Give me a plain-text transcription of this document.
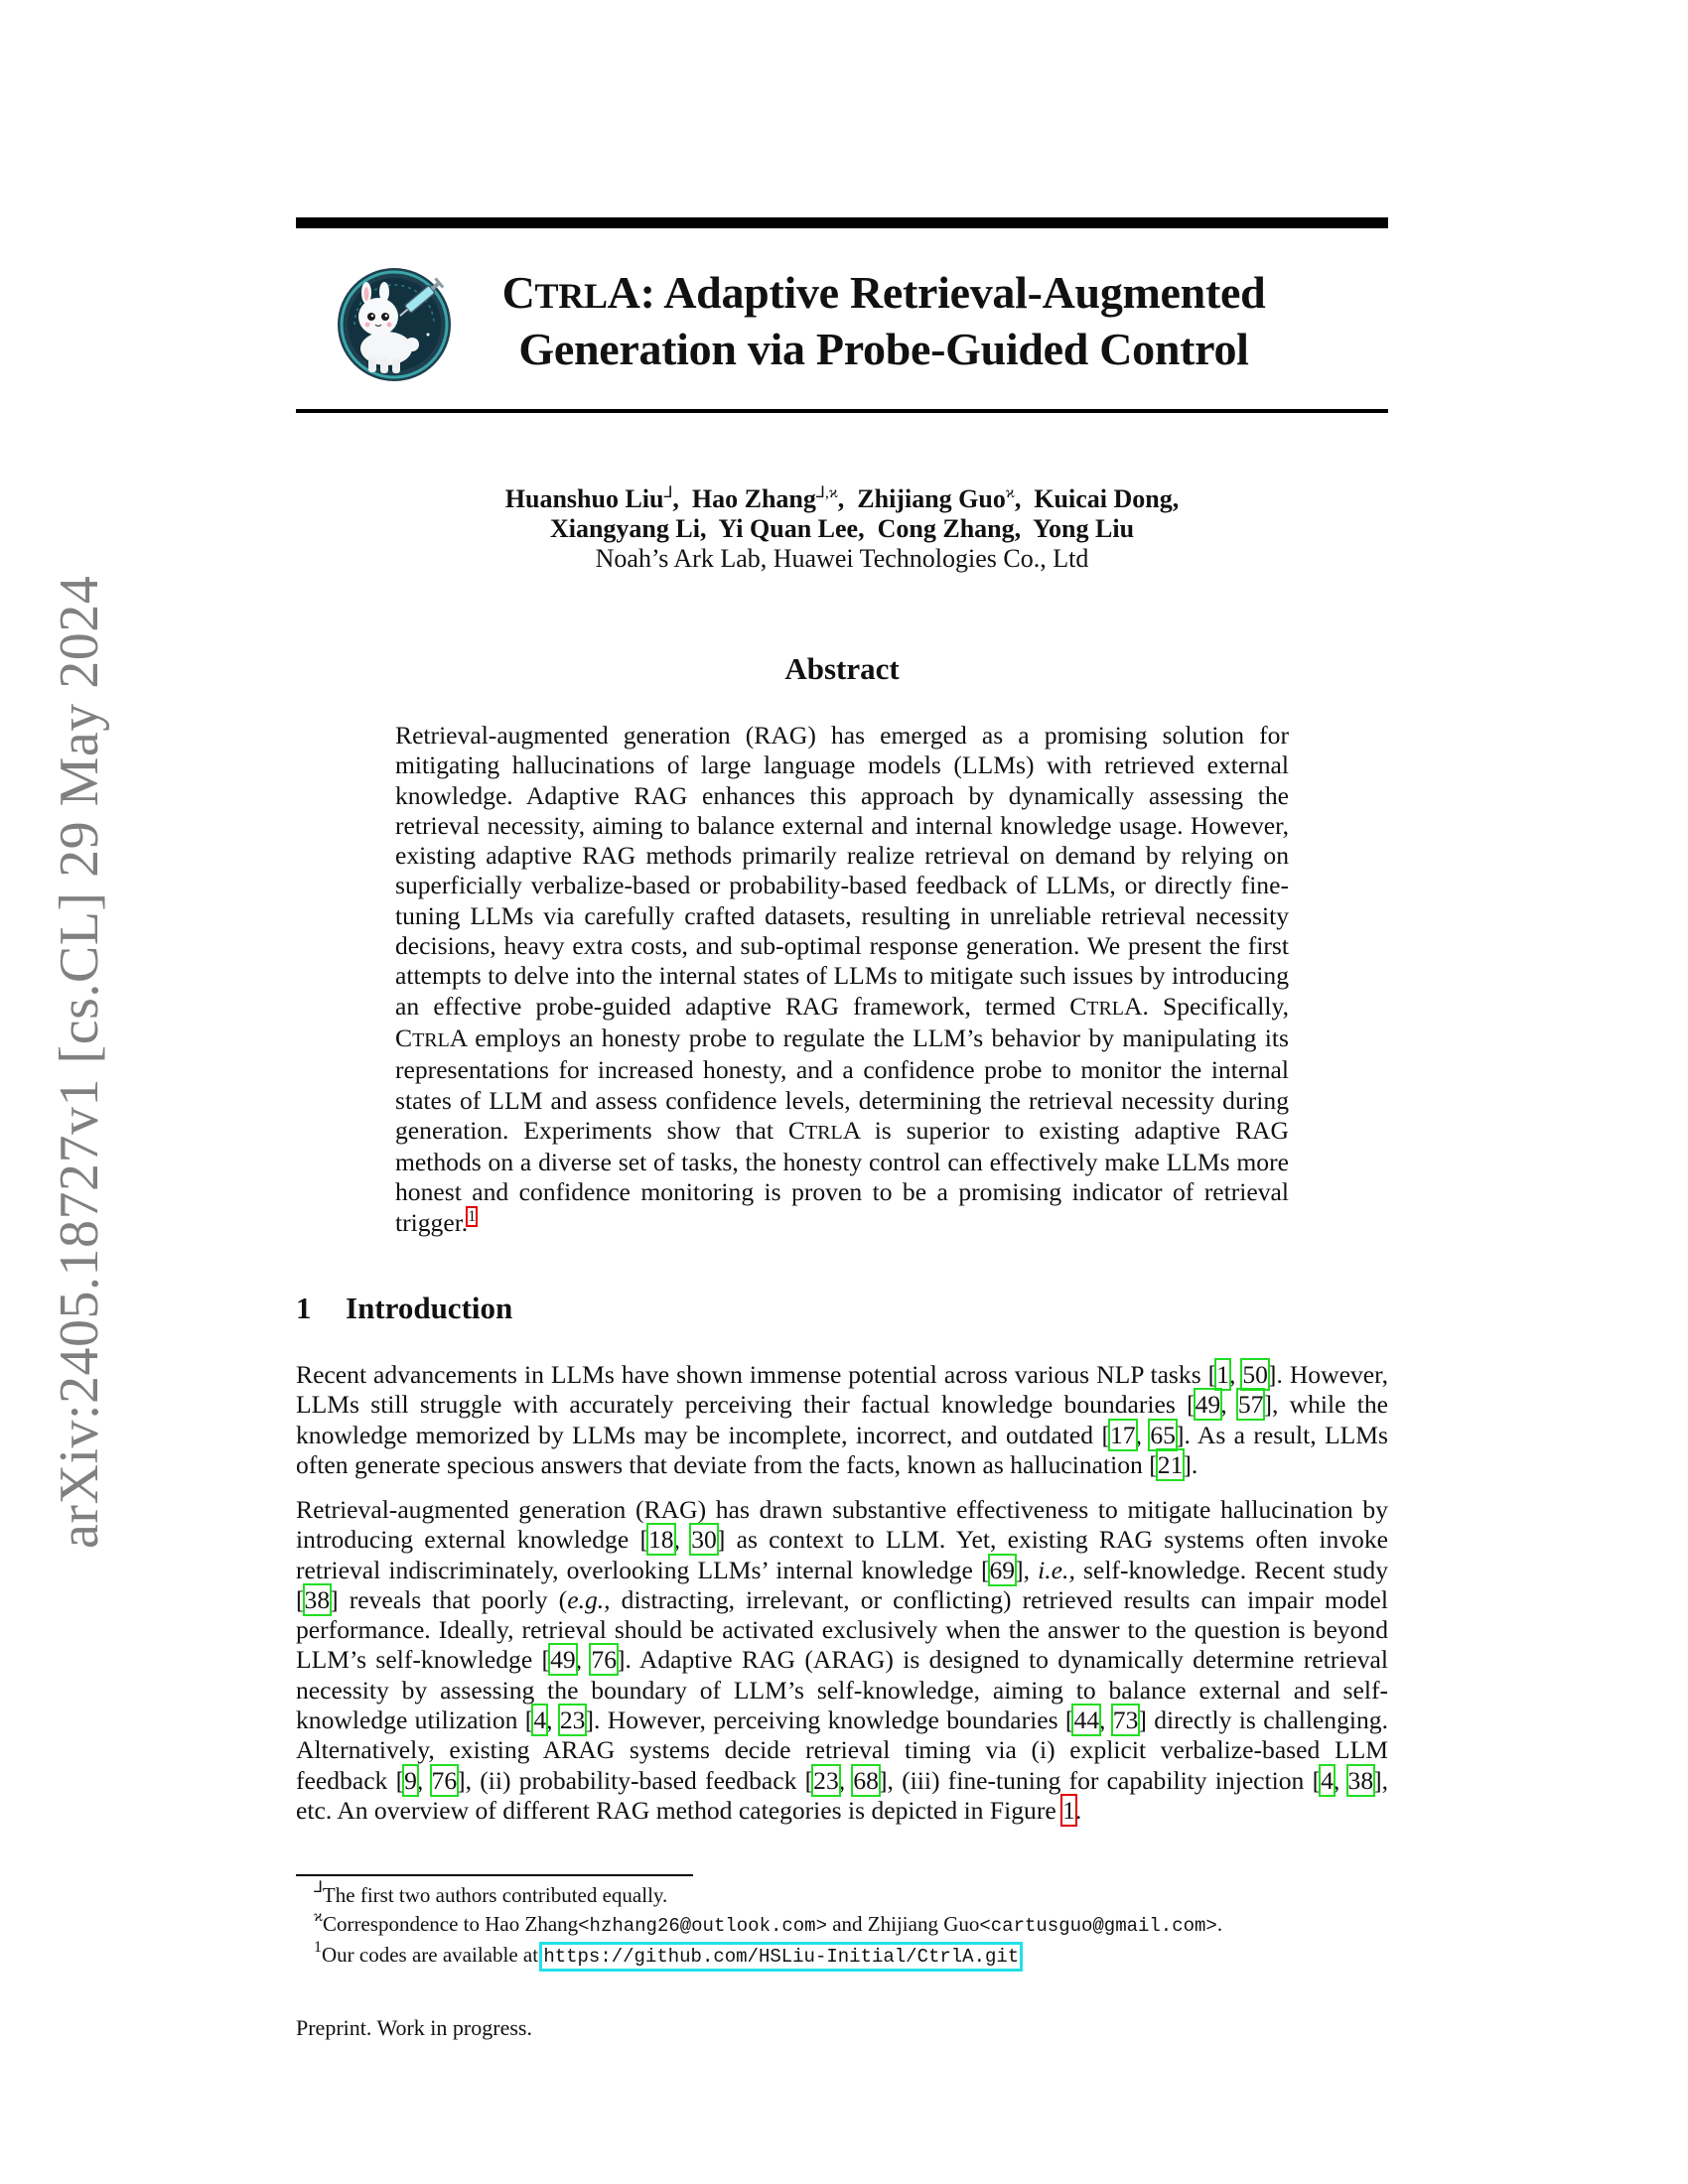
arXiv:2405.18727v1 [cs.CL] 29 May 2024
CTRLA: Adaptive Retrieval-Augmented
Generation via Probe-Guided Control
Huanshuo Liu⅃,  Hao Zhang$^{⅃,ϰ}$,  Zhijiang Guo$^ϰ$,  Kuicai Dong,
Xiangyang Li,  Yi Quan Lee,  Cong Zhang,  Yong Liu
Noah’s Ark Lab, Huawei Technologies Co., Ltd
Abstract
Retrieval-augmented generation (RAG) has emerged as a promising solution for mitigating hallucinations of large language models (LLMs) with retrieved external knowledge. Adaptive RAG enhances this approach by dynamically assessing the retrieval necessity, aiming to balance external and internal knowledge usage. However, existing adaptive RAG methods primarily realize retrieval on demand by relying on superficially verbalize-based or probability-based feedback of LLMs, or directly fine-tuning LLMs via carefully crafted datasets, resulting in unreliable retrieval necessity decisions, heavy extra costs, and sub-optimal response generation. We present the first attempts to delve into the internal states of LLMs to mitigate such issues by introducing an effective probe-guided adaptive RAG framework, termed CTRLA. Specifically, CTRLA employs an honesty probe to regulate the LLM’s behavior by manipulating its representations for increased honesty, and a confidence probe to monitor the internal states of LLM and assess confidence levels, determining the retrieval necessity during generation. Experiments show that CTRLA is superior to existing adaptive RAG methods on a diverse set of tasks, the honesty control can effectively make LLMs more honest and confidence monitoring is proven to be a promising indicator of retrieval trigger.$^1$
1 Introduction
Recent advancements in LLMs have shown immense potential across various NLP tasks [1, 50]. However, LLMs still struggle with accurately perceiving their factual knowledge boundaries [49, 57], while the knowledge memorized by LLMs may be incomplete, incorrect, and outdated [17, 65]. As a result, LLMs often generate specious answers that deviate from the facts, known as hallucination [21].
Retrieval-augmented generation (RAG) has drawn substantive effectiveness to mitigate hallucination by introducing external knowledge [18, 30] as context to LLM. Yet, existing RAG systems often invoke retrieval indiscriminately, overlooking LLMs’ internal knowledge [69], i.e., self-knowledge. Recent study [38] reveals that poorly (e.g., distracting, irrelevant, or conflicting) retrieved results can impair model performance. Ideally, retrieval should be activated exclusively when the answer to the question is beyond LLM’s self-knowledge [49, 76]. Adaptive RAG (ARAG) is designed to dynamically determine retrieval necessity by assessing the boundary of LLM’s self-knowledge, aiming to balance external and self-knowledge utilization [4, 23]. However, perceiving knowledge boundaries [44, 73] directly is challenging. Alternatively, existing ARAG systems decide retrieval timing via (i) explicit verbalize-based LLM feedback [9, 76], (ii) probability-based feedback [23, 68], (iii) fine-tuning for capability injection [4, 38], etc. An overview of different RAG method categories is depicted in Figure 1.
⅃The first two authors contributed equally.
$^ϰ$Correspondence to Hao Zhang<hzhang26@outlook.com> and Zhijiang Guo<cartusguo@gmail.com>.
$^1$Our codes are available at https://github.com/HSLiu-Initial/CtrlA.git
Preprint. Work in progress.
